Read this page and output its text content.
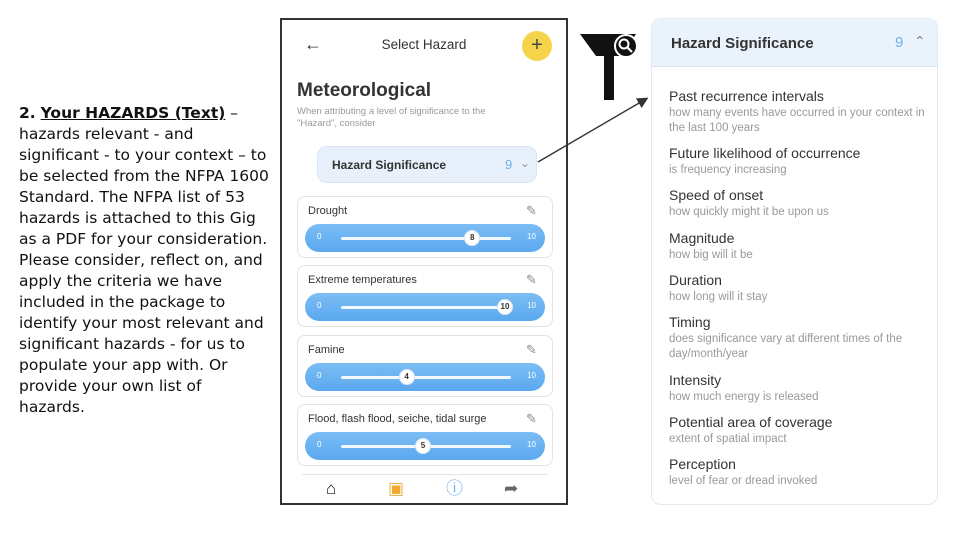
2. Your HAZARDS (Text) – hazards relevant - and significant - to your context – to be selected from the NFPA 1600 Standard. The NFPA list of 53 hazards is attached to this Gig as a PDF for your consideration. Please consider, reflect on, and apply the criteria we have included in the package to identify your most relevant and significant hazards - for us to populate your app with. Or provide your own list of hazards.
←	Select Hazard	+
Meteorological
When attributing a level of significance to the "Hazard", consider
Hazard Significance	9 ⌄
Drought	✎
0	8	10
Extreme temperatures	✎
0	10	10
Famine	✎
0	4	10
Flood, flash flood, seiche, tidal surge	✎
0	5	10
⌂	▣ ⓘ ➦
Hazard Significance	9 ⌃
Past recurrence intervals
how many events have occurred in your context in the last 100 years
Future likelihood of occurrence
is frequency increasing
Speed of onset
how quickly might it be upon us
Magnitude
how big will it be
Duration
how long will it stay
Timing
does significance vary at different times of the day/month/year
Intensity
how much energy is released
Potential area of coverage
extent of spatial impact
Perception
level of fear or dread invoked
